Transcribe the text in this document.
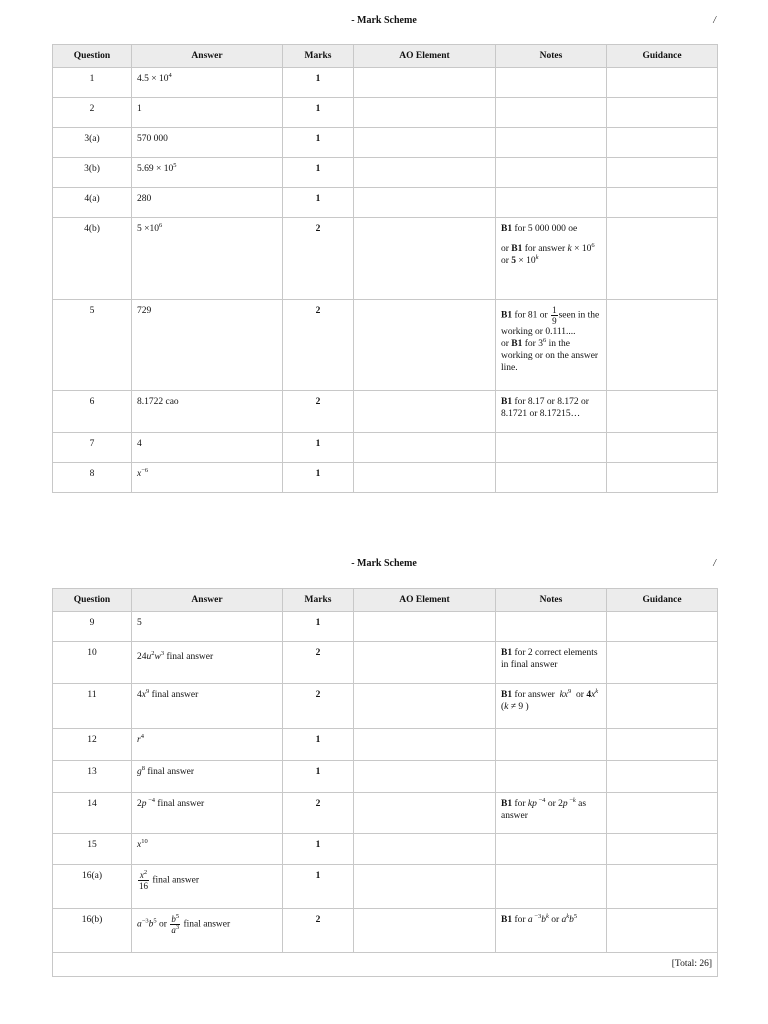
- Mark Scheme	/
Question	Answer	Marks	AO Element	Notes	Guidance
1	$4.5 \times 10^4$	1			
2	1	1			
3(a)	570 000	1			
3(b)	$5.69 \times 10^5$	1			
4(a)	280	1			
4(b)	$5 \times 10^6$	2		B1 for 5 000 000 oe
or B1 for answer $k \times 10^6$ or $5 \times 10^k$	
5	729	2		B1 for 81 or $\frac{1}{9}$ seen in the working or 0.111....
or B1 for $3^6$ in the working or on the answer line.	
6	8.1722 cao	2		B1 for 8.17 or 8.172 or 8.1721 or 8.17215…	
7	4	1			
8	$x^{-6}$	1			
- Mark Scheme	/
Question	Answer	Marks	AO Element	Notes	Guidance
9	5	1			
10	$24u^2w^3$ final answer	2		B1 for 2 correct elements in final answer	
11	$4x^9$ final answer	2		B1 for answer  $kx^9$  or $4x^k$ (k ≠ 9 )	
12	$r^4$	1			
13	$g^8$ final answer	1			
14	2p $^{-4}$ final answer	2		B1 for kp $^{-4}$ or 2p $^{-k}$ as answer	
15	$x^{10}$	1			
16(a)	$\frac{x^2}{16}$ final answer	1			
16(b)	$a^{-3}b^5$ or $\frac{b^5}{a^3}$ final answer	2		B1 for a $^{-3}b^k$ or $a^kb^5$	
[Total: 26]					
